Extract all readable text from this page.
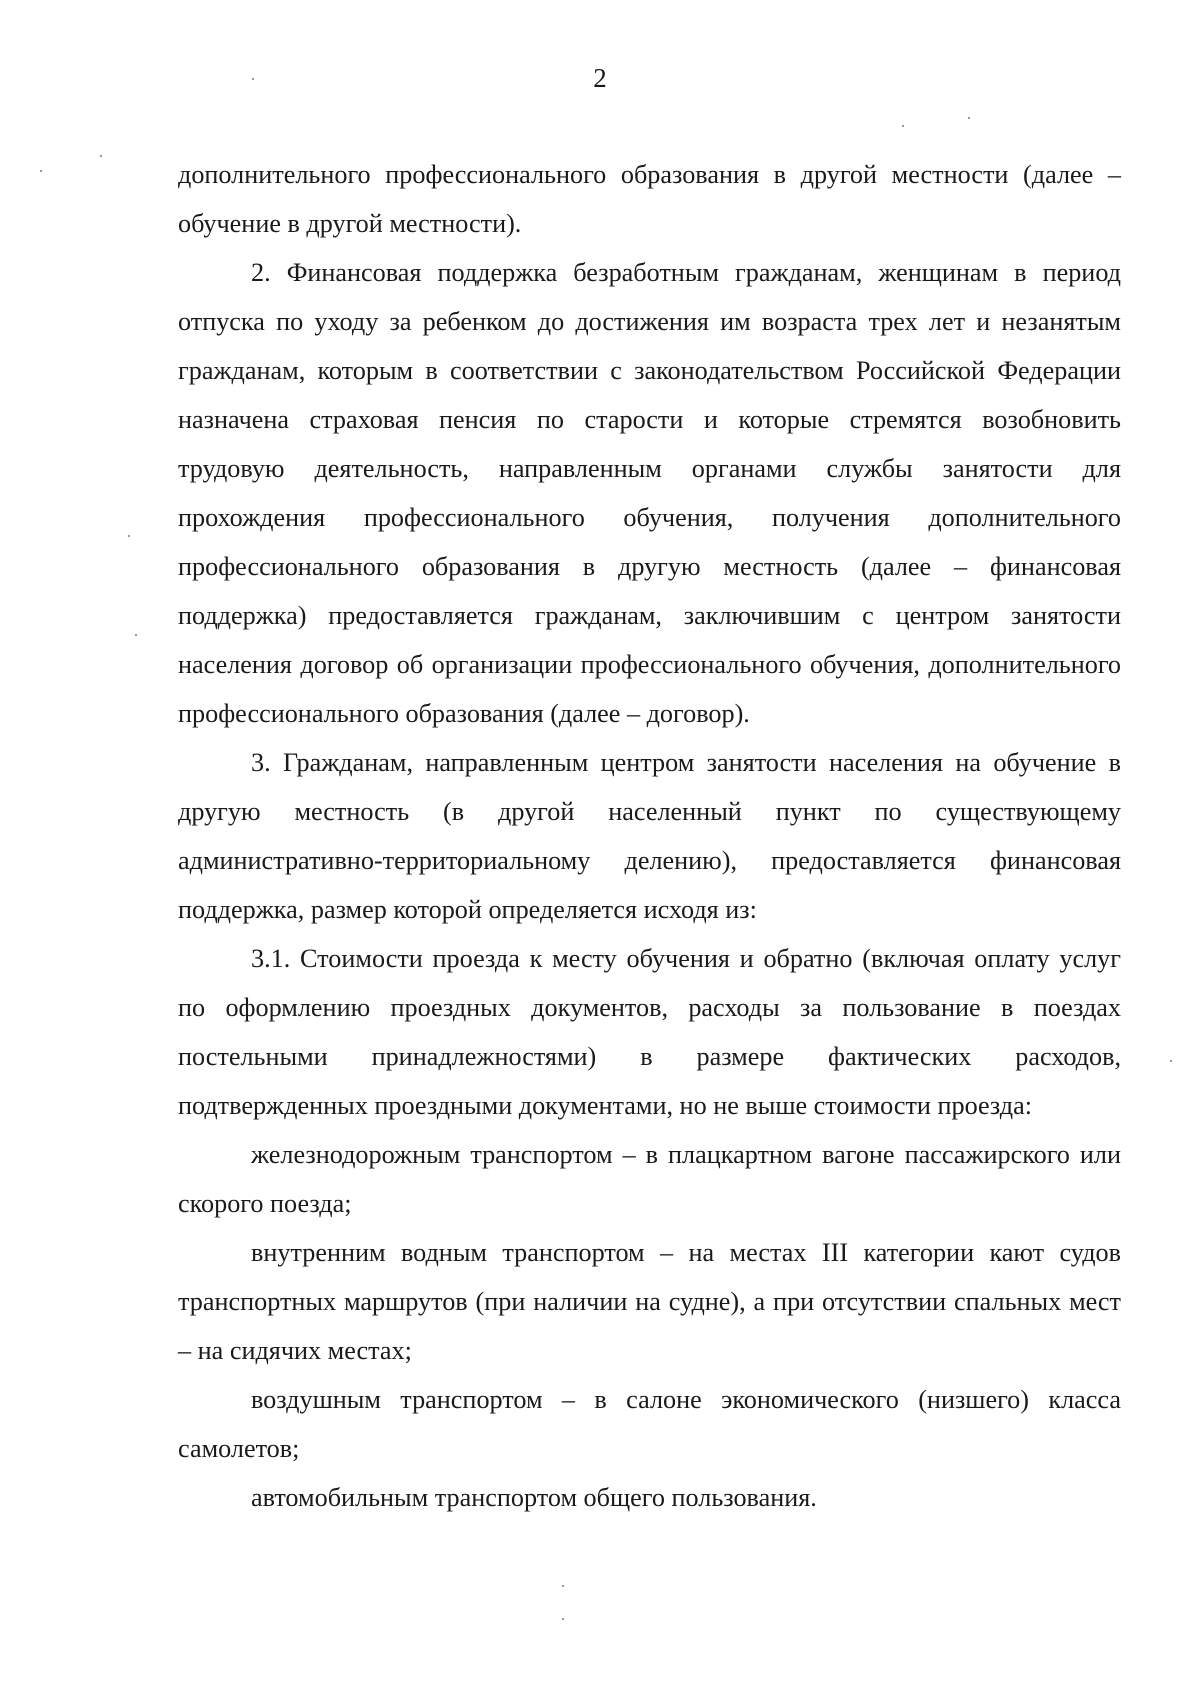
2

дополнительного профессионального образования в другой местности (далее – обучение в другой местности).

2. Финансовая поддержка безработным гражданам, женщинам в период отпуска по уходу за ребенком до достижения им возраста трех лет и незанятым гражданам, которым в соответствии с законодательством Российской Федерации назначена страховая пенсия по старости и которые стремятся возобновить трудовую деятельность, направленным органами службы занятости для прохождения профессионального обучения, получения дополнительного профессионального образования в другую местность (далее – финансовая поддержка) предоставляется гражданам, заключившим с центром занятости населения договор об организации профессионального обучения, дополнительного профессионального образования (далее – договор).

3. Гражданам, направленным центром занятости населения на обучение в другую местность (в другой населенный пункт по существующему административно-территориальному делению), предоставляется финансовая поддержка, размер которой определяется исходя из:

3.1. Стоимости проезда к месту обучения и обратно (включая оплату услуг по оформлению проездных документов, расходы за пользование в поездах постельными принадлежностями) в размере фактических расходов, подтвержденных проездными документами, но не выше стоимости проезда:

железнодорожным транспортом – в плацкартном вагоне пассажирского или скорого поезда;

внутренним водным транспортом – на местах III категории кают судов транспортных маршрутов (при наличии на судне), а при отсутствии спальных мест – на сидячих местах;

воздушным транспортом – в салоне экономического (низшего) класса самолетов;

автомобильным транспортом общего пользования.
